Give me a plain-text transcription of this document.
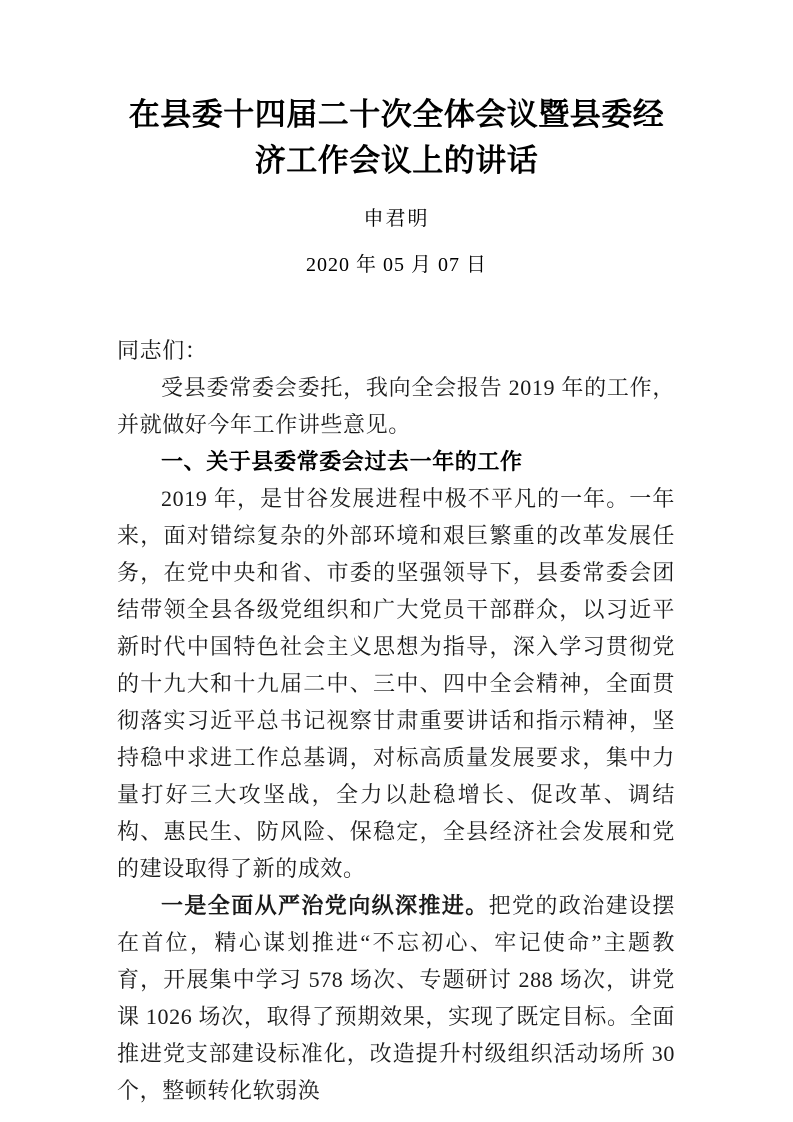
在县委十四届二十次全体会议暨县委经济工作会议上的讲话
申君明
2020 年 05 月 07 日

同志们：

受县委常委会委托，我向全会报告 2019 年的工作，并就做好今年工作讲些意见。

一、关于县委常委会过去一年的工作

2019 年，是甘谷发展进程中极不平凡的一年。一年来，面对错综复杂的外部环境和艰巨繁重的改革发展任务，在党中央和省、市委的坚强领导下，县委常委会团结带领全县各级党组织和广大党员干部群众，以习近平新时代中国特色社会主义思想为指导，深入学习贯彻党的十九大和十九届二中、三中、四中全会精神，全面贯彻落实习近平总书记视察甘肃重要讲话和指示精神，坚持稳中求进工作总基调，对标高质量发展要求，集中力量打好三大攻坚战，全力以赴稳增长、促改革、调结构、惠民生、防风险、保稳定，全县经济社会发展和党的建设取得了新的成效。

一是全面从严治党向纵深推进。把党的政治建设摆在首位，精心谋划推进“不忘初心、牢记使命”主题教育，开展集中学习 578 场次、专题研讨 288 场次，讲党课 1026 场次，取得了预期效果，实现了既定目标。全面推进党支部建设标准化，改造提升村级组织活动场所 30 个，整顿转化软弱涣
